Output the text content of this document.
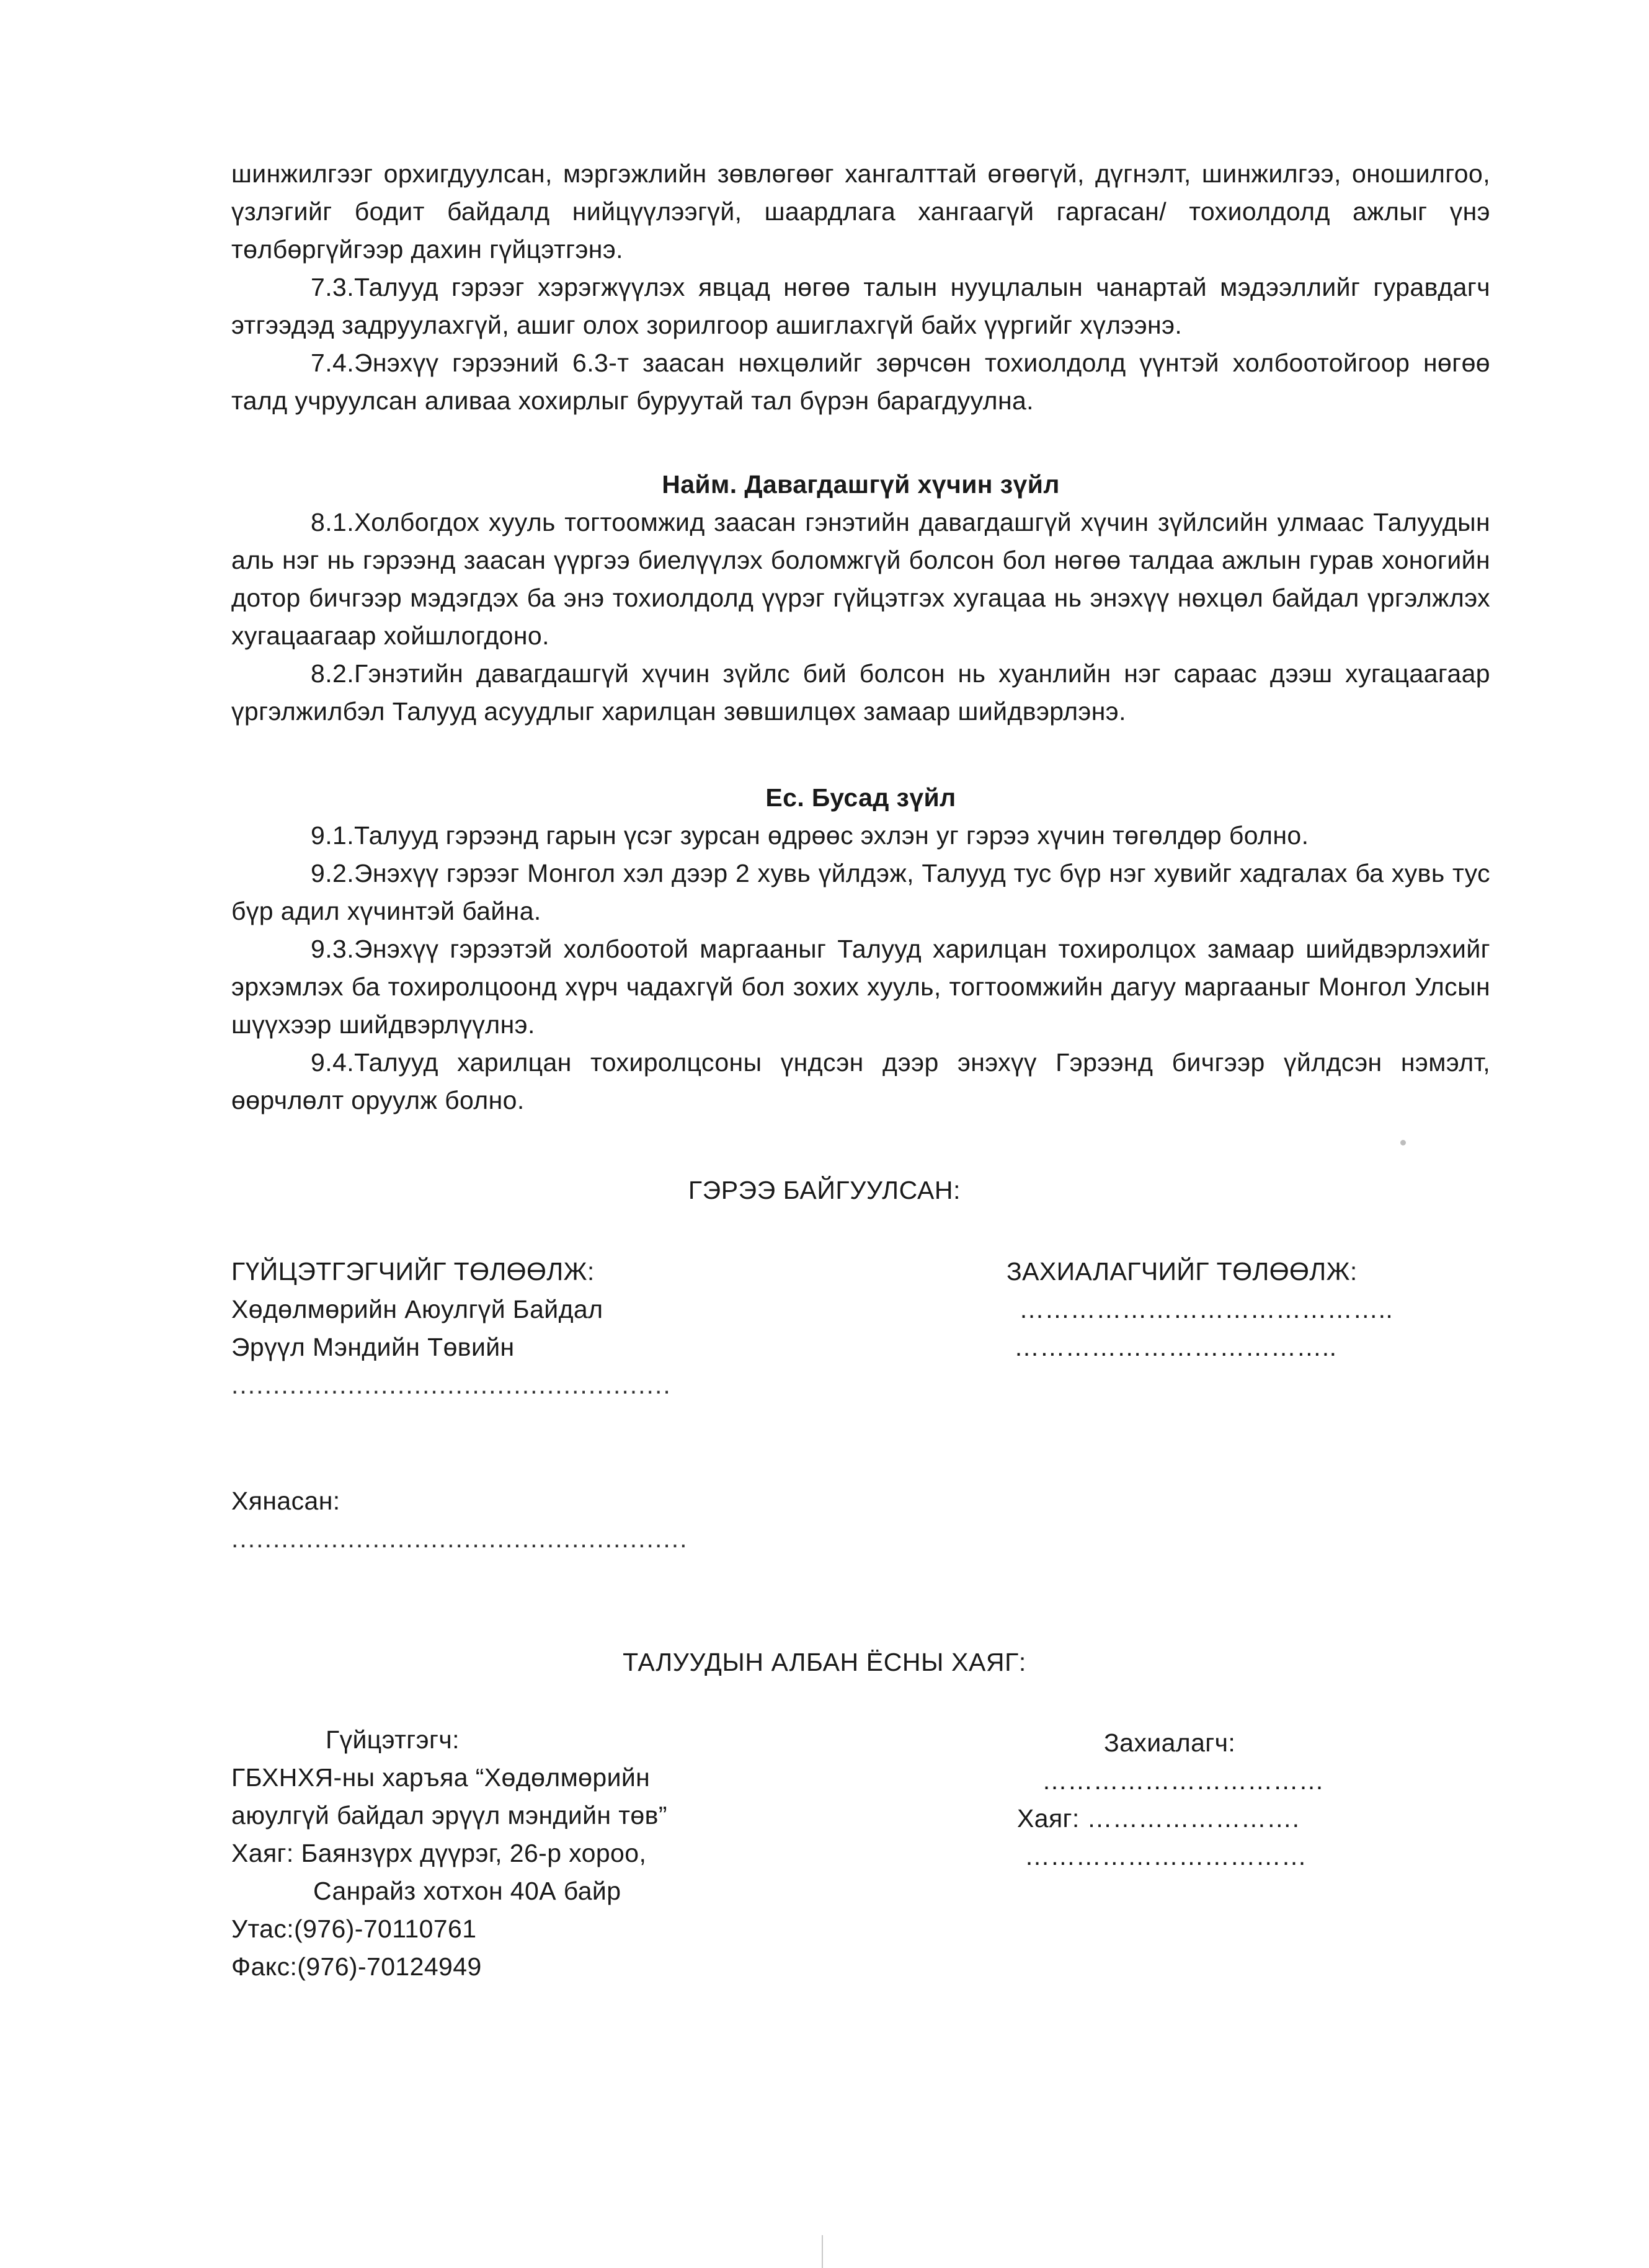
шинжилгээг орхигдуулсан, мэргэжлийн зөвлөгөөг хангалттай өгөөгүй, дүгнэлт, шинжилгээ, оношилгоо, үзлэгийг бодит байдалд нийцүүлээгүй, шаардлага хангаагүй гаргасан/ тохиолдолд ажлыг үнэ төлбөргүйгээр дахин гүйцэтгэнэ.

7.3.Талууд гэрээг хэрэгжүүлэх явцад нөгөө талын нууцлалын чанартай мэдээллийг гуравдагч этгээдэд задруулахгүй, ашиг олох зорилгоор ашиглахгүй байх үүргийг хүлээнэ.

7.4.Энэхүү гэрээний 6.3-т заасан нөхцөлийг зөрчсөн тохиолдолд үүнтэй холбоотойгоор нөгөө талд учруулсан аливаа хохирлыг буруутай тал бүрэн барагдуулна.

Найм. Давагдашгүй хүчин зүйл

8.1.Холбогдох хууль тогтоомжид заасан гэнэтийн давагдашгүй хүчин зүйлсийн улмаас Талуудын аль нэг нь гэрээнд заасан үүргээ биелүүлэх боломжгүй болсон бол нөгөө талдаа ажлын гурав хоногийн дотор бичгээр мэдэгдэх ба энэ тохиолдолд үүрэг гүйцэтгэх хугацаа нь энэхүү нөхцөл байдал үргэлжлэх хугацаагаар хойшлогдоно.

8.2.Гэнэтийн давагдашгүй хүчин зүйлс бий болсон нь хуанлийн нэг сараас дээш хугацаагаар үргэлжилбэл Талууд асуудлыг харилцан зөвшилцөх замаар шийдвэрлэнэ.

Ес. Бусад зүйл

9.1.Талууд гэрээнд гарын үсэг зурсан өдрөөс эхлэн уг гэрээ хүчин төгөлдөр болно.

9.2.Энэхүү гэрээг Монгол хэл дээр 2 хувь үйлдэж, Талууд тус бүр нэг хувийг хадгалах ба хувь тус бүр адил хүчинтэй байна.

9.3.Энэхүү гэрээтэй холбоотой маргааныг Талууд харилцан тохиролцох замаар шийдвэрлэхийг эрхэмлэх ба тохиролцоонд хүрч чадахгүй бол зохих хууль, тогтоомжийн дагуу маргааныг Монгол Улсын шүүхээр шийдвэрлүүлнэ.

9.4.Талууд харилцан тохиролцсоны үндсэн дээр энэхүү Гэрээнд бичгээр үйлдсэн нэмэлт, өөрчлөлт оруулж болно.

ГЭРЭЭ БАЙГУУЛСАН:
ГҮЙЦЭТГЭГЧИЙГ ТӨЛӨӨЛЖ:
Хөдөлмөрийн Аюулгүй Байдал
Эрүүл Мэндийн Төвийн
.....................................................
ЗАХИАЛАГЧИЙГ ТӨЛӨӨЛЖ:
……………………………………..
………………………………..
Хянасан:
.......................................................
ТАЛУУДЫН АЛБАН ЁСНЫ ХАЯГ:
Гүйцэтгэгч:
ГБХНХЯ-ны харъяа “Хөдөлмөрийн
аюулгүй байдал эрүүл мэндийн төв”
Хаяг: Баянзүрх дүүрэг, 26-р хороо,
Санрайз хотхон 40А байр
Утас:(976)-70110761
Факс:(976)-70124949
Захиалагч:
……………………………
Хаяг: …………………….
……………………………
